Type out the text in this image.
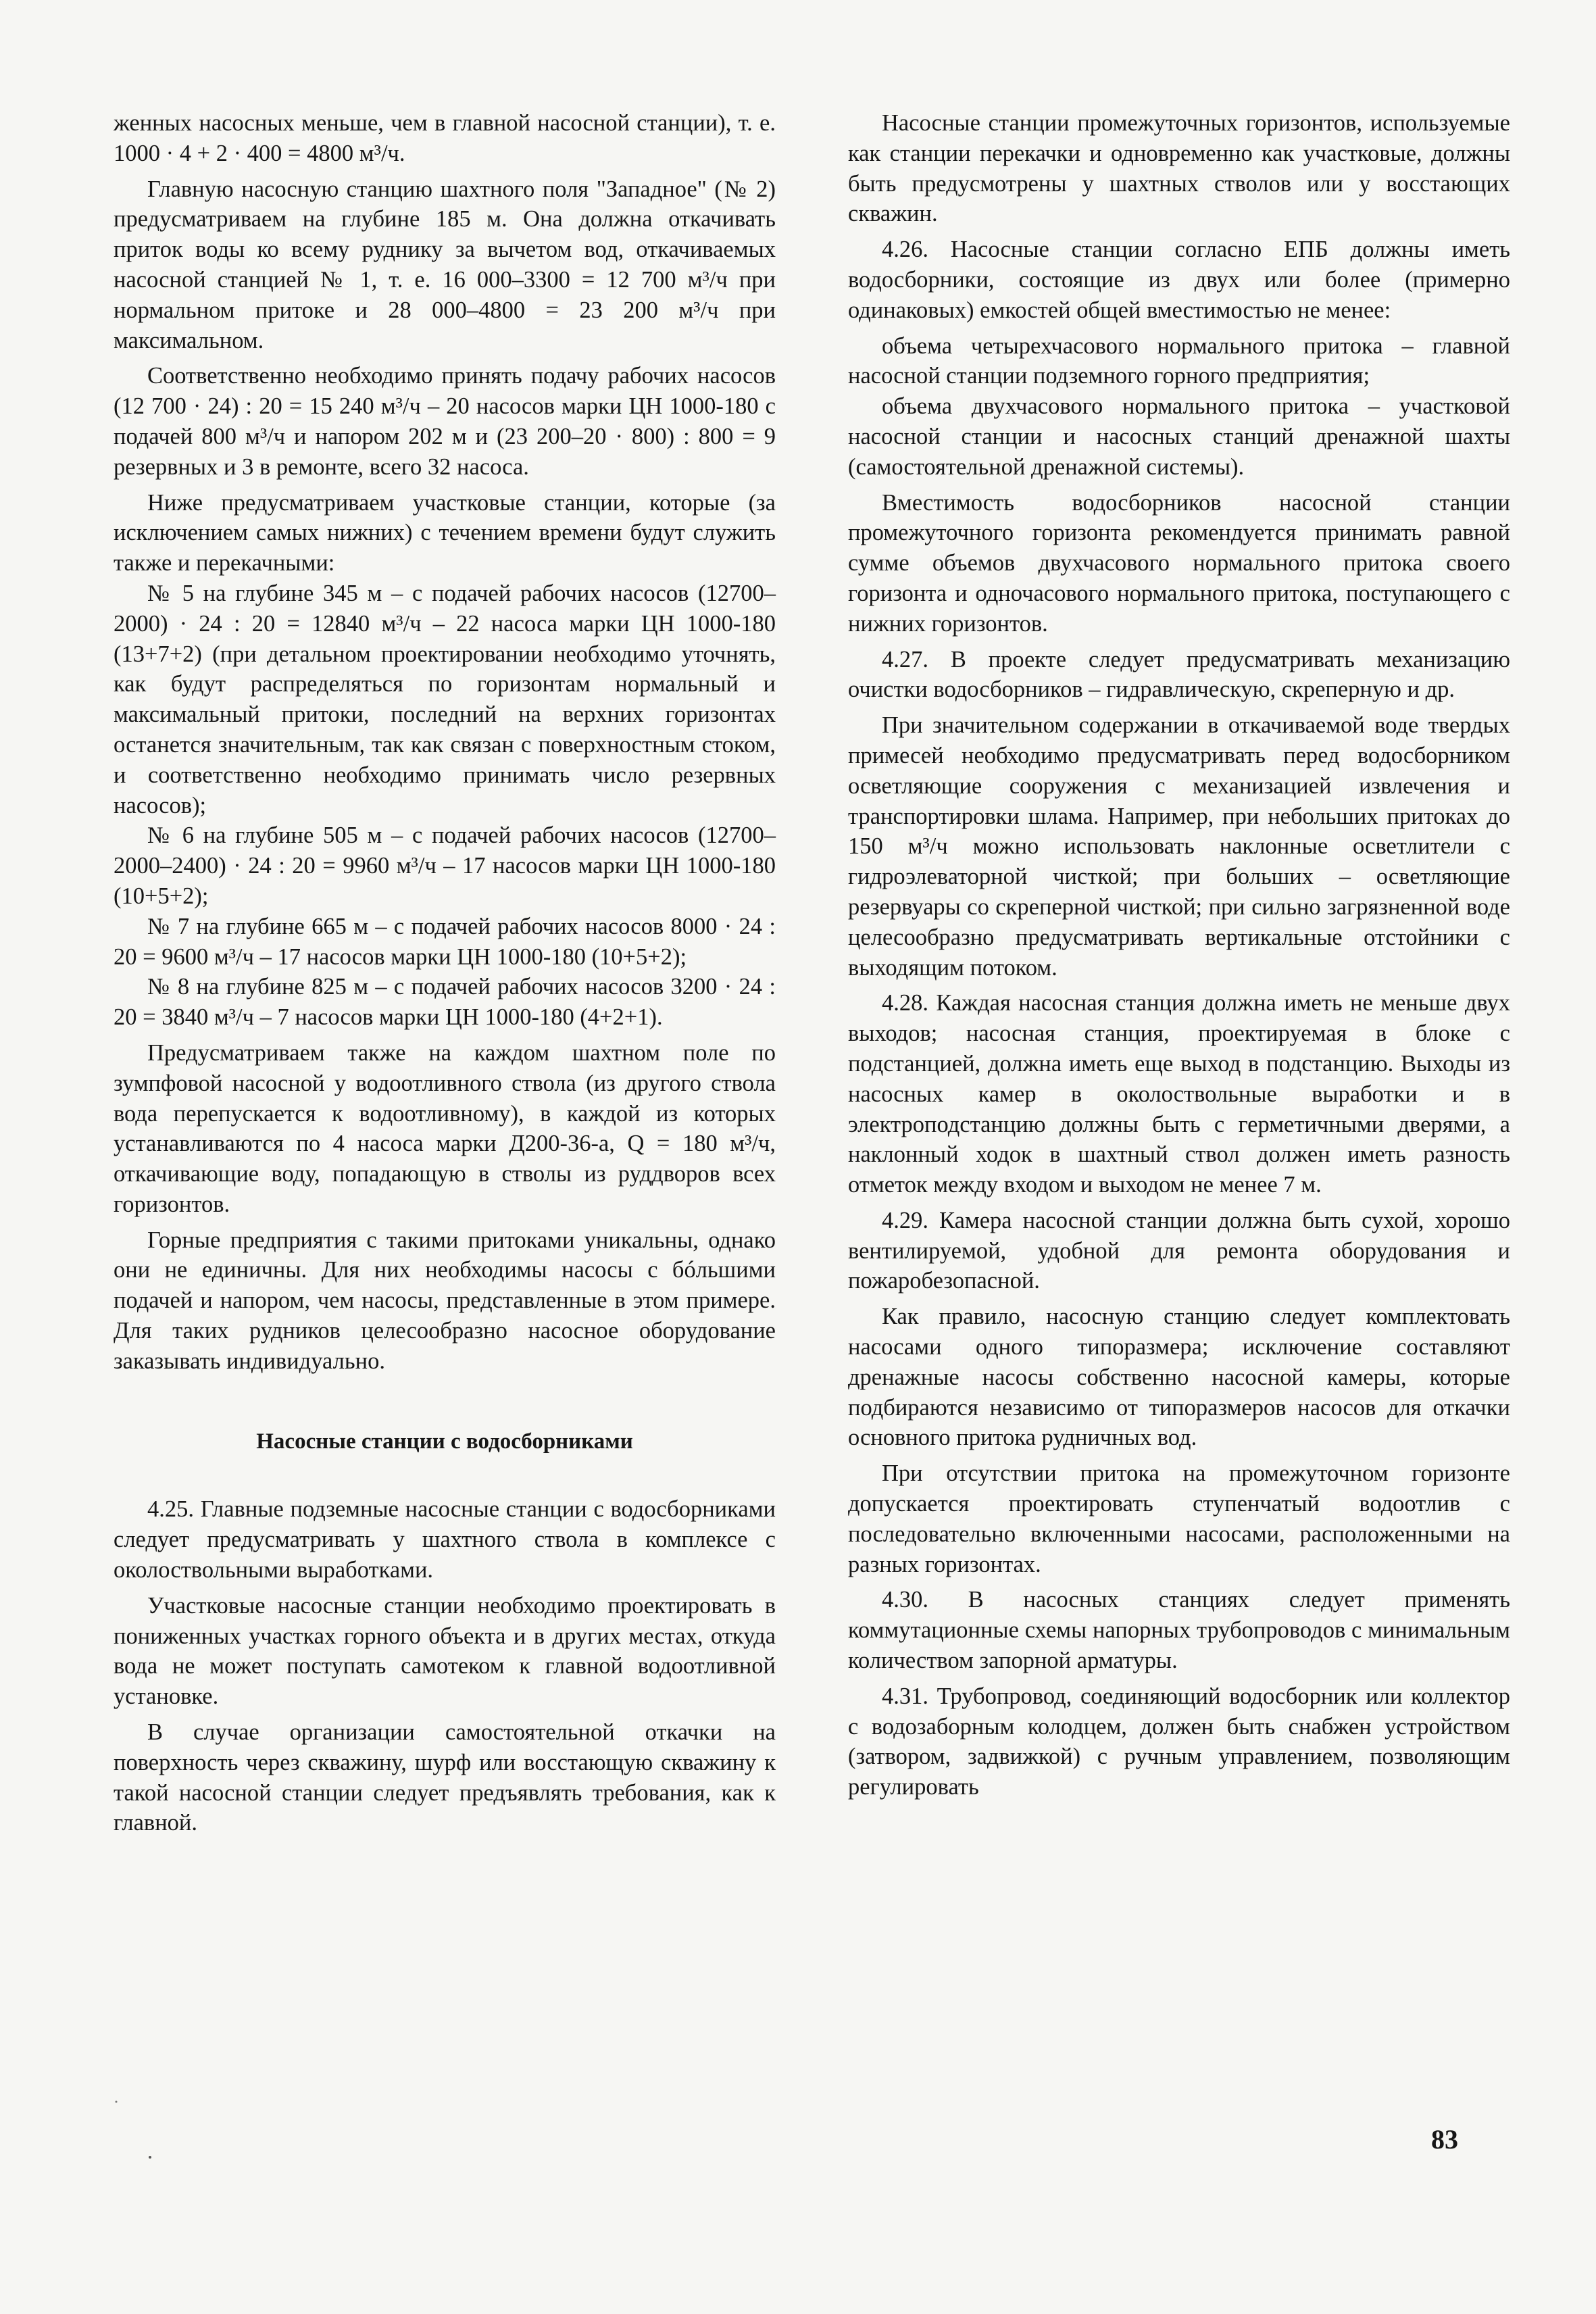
женных насосных меньше, чем в главной насосной станции), т. е. 1000 · 4 + 2 · 400 = 4800 м³/ч.

Главную насосную станцию шахтного поля "Западное" (№ 2) предусматриваем на глубине 185 м. Она должна откачивать приток воды ко всему руднику за вычетом вод, откачиваемых насосной станцией № 1, т. е. 16 000–3300 = 12 700 м³/ч при нормальном притоке и 28 000–4800 = 23 200 м³/ч при максимальном.

Соответственно необходимо принять подачу рабочих насосов (12 700 · 24) : 20 = 15 240 м³/ч – 20 насосов марки ЦН 1000-180 с подачей 800 м³/ч и напором 202 м и (23 200–20 · 800) : 800 = 9 резервных и 3 в ремонте, всего 32 насоса.

Ниже предусматриваем участковые станции, которые (за исключением самых нижних) с течением времени будут служить также и перекачными:

№ 5 на глубине 345 м – с подачей рабочих насосов (12700–2000) · 24 : 20 = 12840 м³/ч – 22 насоса марки ЦН 1000-180 (13+7+2) (при детальном проектировании необходимо уточнять, как будут распределяться по горизонтам нормальный и максимальный притоки, последний на верхних горизонтах останется значительным, так как связан с поверхностным стоком, и соответственно необходимо принимать число резервных насосов);

№ 6 на глубине 505 м – с подачей рабочих насосов (12700–2000–2400) · 24 : 20 = 9960 м³/ч – 17 насосов марки ЦН 1000-180 (10+5+2);

№ 7 на глубине 665 м – с подачей рабочих насосов 8000 · 24 : 20 = 9600 м³/ч – 17 насосов марки ЦН 1000-180 (10+5+2);

№ 8 на глубине 825 м – с подачей рабочих насосов 3200 · 24 : 20 = 3840 м³/ч – 7 насосов марки ЦН 1000-180 (4+2+1).

Предусматриваем также на каждом шахтном поле по зумпфовой насосной у водоотливного ствола (из другого ствола вода перепускается к водоотливному), в каждой из которых устанавливаются по 4 насоса марки Д200-36-а, Q = 180 м³/ч, откачивающие воду, попадающую в стволы из руддворов всех горизонтов.

Горные предприятия с такими притоками уникальны, однако они не единичны. Для них необходимы насосы с бóльшими подачей и напором, чем насосы, представленные в этом примере. Для таких рудников целесообразно насосное оборудование заказывать индивидуально.

Насосные станции с водосборниками

4.25. Главные подземные насосные станции с водосборниками следует предусматривать у шахтного ствола в комплексе с околоствольными выработками.

Участковые насосные станции необходимо проектировать в пониженных участках горного объекта и в других местах, откуда вода не может поступать самотеком к главной водоотливной установке.

В случае организации самостоятельной откачки на поверхность через скважину, шурф или восстающую скважину к такой насосной станции следует предъявлять требования, как к главной.

Насосные станции промежуточных горизонтов, используемые как станции перекачки и одновременно как участковые, должны быть предусмотрены у шахтных стволов или у восстающих скважин.

4.26. Насосные станции согласно ЕПБ должны иметь водосборники, состоящие из двух или более (примерно одинаковых) емкостей общей вместимостью не менее:

объема четырехчасового нормального притока – главной насосной станции подземного горного предприятия;

объема двухчасового нормального притока – участковой насосной станции и насосных станций дренажной шахты (самостоятельной дренажной системы).

Вместимость водосборников насосной станции промежуточного горизонта рекомендуется принимать равной сумме объемов двухчасового нормального притока своего горизонта и одночасового нормального притока, поступающего с нижних горизонтов.

4.27. В проекте следует предусматривать механизацию очистки водосборников – гидравлическую, скреперную и др.

При значительном содержании в откачиваемой воде твердых примесей необходимо предусматривать перед водосборником осветляющие сооружения с механизацией извлечения и транспортировки шлама. Например, при небольших притоках до 150 м³/ч можно использовать наклонные осветлители с гидроэлеваторной чисткой; при больших – осветляющие резервуары со скреперной чисткой; при сильно загрязненной воде целесообразно предусматривать вертикальные отстойники с выходящим потоком.

4.28. Каждая насосная станция должна иметь не меньше двух выходов; насосная станция, проектируемая в блоке с подстанцией, должна иметь еще выход в подстанцию. Выходы из насосных камер в околоствольные выработки и в электроподстанцию должны быть с герметичными дверями, а наклонный ходок в шахтный ствол должен иметь разность отметок между входом и выходом не менее 7 м.

4.29. Камера насосной станции должна быть сухой, хорошо вентилируемой, удобной для ремонта оборудования и пожаробезопасной.

Как правило, насосную станцию следует комплектовать насосами одного типоразмера; исключение составляют дренажные насосы собственно насосной камеры, которые подбираются независимо от типоразмеров насосов для откачки основного притока рудничных вод.

При отсутствии притока на промежуточном горизонте допускается проектировать ступенчатый водоотлив с последовательно включенными насосами, расположенными на разных горизонтах.

4.30. В насосных станциях следует применять коммутационные схемы напорных трубопроводов с минимальным количеством запорной арматуры.

4.31. Трубопровод, соединяющий водосборник или коллектор с водозаборным колодцем, должен быть снабжен устройством (затвором, задвижкой) с ручным управлением, позволяющим регулировать

83
